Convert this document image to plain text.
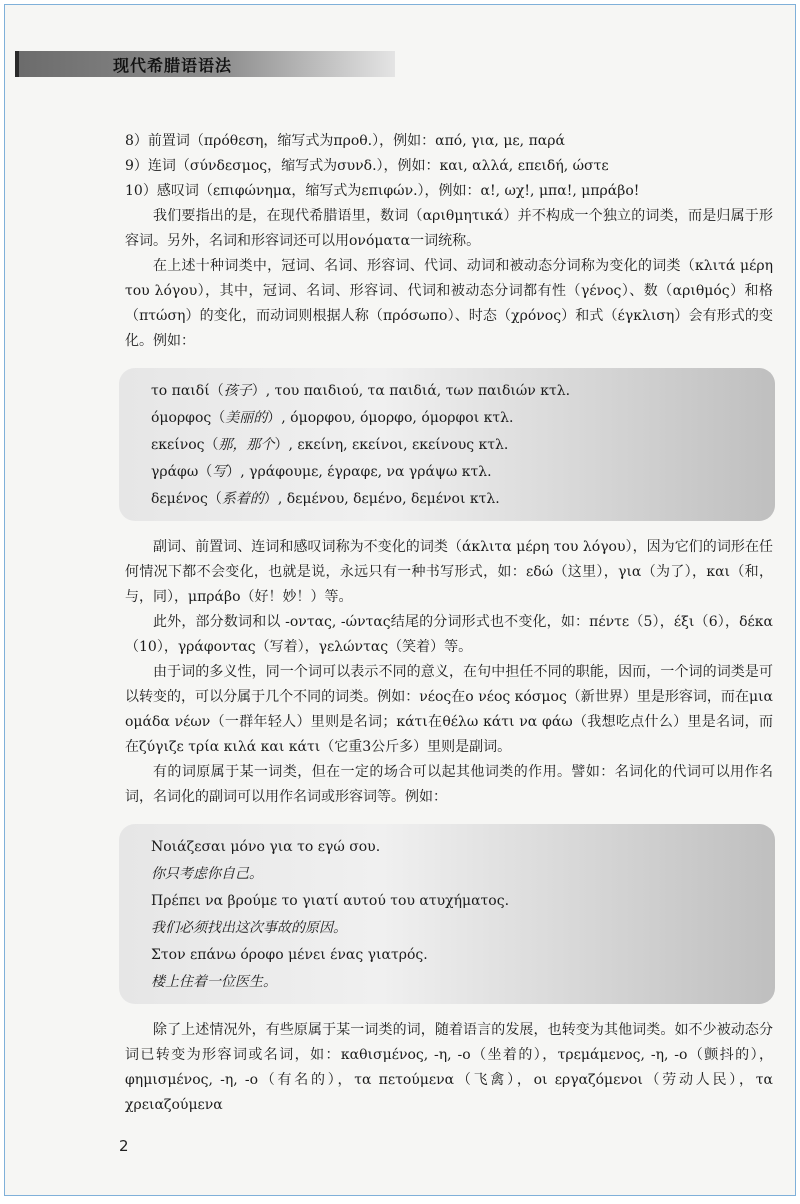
现代希腊语语法

8）前置词（πρόθεση，缩写式为προθ.），例如：από, για, με, παρά

9）连词（σύνδεσμος，缩写式为συνδ.），例如：και, αλλά, επειδή, ώστε

10）感叹词（επιφώνημα，缩写式为επιφών.），例如：α!, ωχ!, μπα!, μπράβο!

我们要指出的是，在现代希腊语里，数词（αριθμητικά）并不构成一个独立的词类，而是归属于形容词。另外，名词和形容词还可以用ονόματα一词统称。

在上述十种词类中，冠词、名词、形容词、代词、动词和被动态分词称为变化的词类（κλιτά μέρη του λόγου），其中，冠词、名词、形容词、代词和被动态分词都有性（γένος）、数（αριθμός）和格（πτώση）的变化，而动词则根据人称（πρόσωπο）、时态（χρόνος）和式（έγκλιση）会有形式的变化。例如：

το παιδί（孩子）, του παιδιού, τα παιδιά, των παιδιών κτλ.

όμορφος（美丽的）, όμορφου, όμορφο, όμορφοι κτλ.

εκείνος（那，那个）, εκείνη, εκείνοι, εκείνους κτλ.

γράφω（写）, γράφουμε, έγραφε, να γράψω κτλ.

δεμένος（系着的）, δεμένου, δεμένο, δεμένοι κτλ.

副词、前置词、连词和感叹词称为不变化的词类（άκλιτα μέρη του λόγου），因为它们的词形在任何情况下都不会变化，也就是说，永远只有一种书写形式，如：εδώ（这里），για（为了），και（和，与，同），μπράβο（好！妙！）等。

此外，部分数词和以 -οντας, -ώντας结尾的分词形式也不变化，如：πέντε（5），έξι（6），δέκα（10），γράφοντας（写着），γελώντας（笑着）等。

由于词的多义性，同一个词可以表示不同的意义，在句中担任不同的职能，因而，一个词的词类是可以转变的，可以分属于几个不同的词类。例如：νέος在ο νέος κόσμος（新世界）里是形容词，而在μια ομάδα νέων（一群年轻人）里则是名词；κάτι在θέλω κάτι να φάω（我想吃点什么）里是名词，而在ζύγιζε τρία κιλά και κάτι（它重3公斤多）里则是副词。

有的词原属于某一词类，但在一定的场合可以起其他词类的作用。譬如：名词化的代词可以用作名词，名词化的副词可以用作名词或形容词等。例如：

Νοιάζεσαι μόνο για το εγώ σου.

你只考虑你自己。

Πρέπει να βρούμε το γιατί αυτού του ατυχήματος.

我们必须找出这次事故的原因。

Στον επάνω όροφο μένει ένας γιατρός.

楼上住着一位医生。

除了上述情况外，有些原属于某一词类的词，随着语言的发展，也转变为其他词类。如不少被动态分词已转变为形容词或名词，如：καθισμένος, -η, -ο（坐着的），τρεμάμενος, -η, -ο（颤抖的），φημισμένος, -η, -ο（有名的），τα πετούμενα（飞禽），οι εργαζόμενοι（劳动人民），τα χρειαζούμενα

2
